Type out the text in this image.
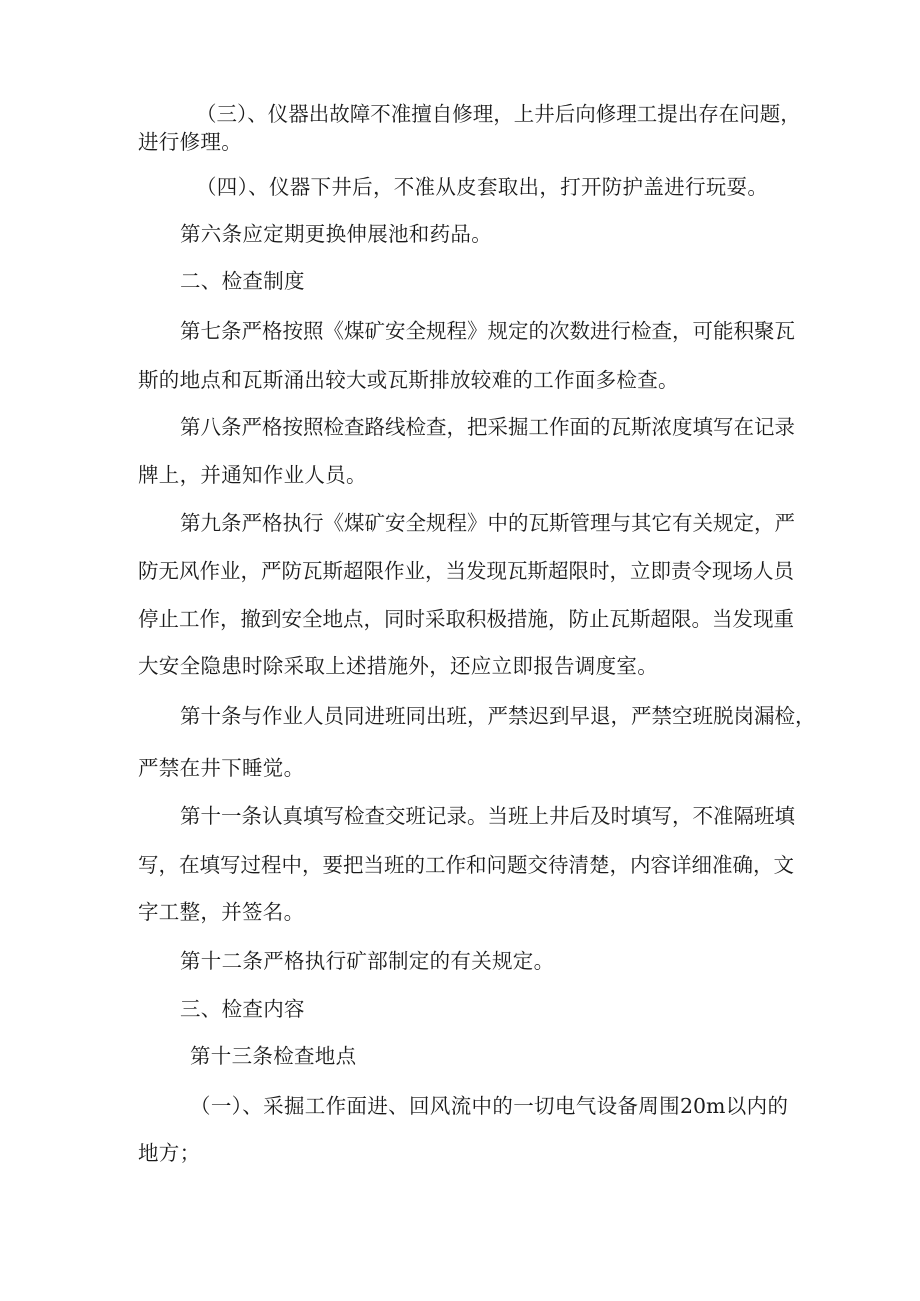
（三）、仪器出故障不准擅自修理，上井后向修理工提出存在问题，
进行修理。
（四）、仪器下井后，不准从皮套取出，打开防护盖进行玩耍。
第六条应定期更换伸展池和药品。
二、检查制度
第七条严格按照《煤矿安全规程》规定的次数进行检查，可能积聚瓦
斯的地点和瓦斯涌出较大或瓦斯排放较难的工作面多检查。
第八条严格按照检查路线检查，把采掘工作面的瓦斯浓度填写在记录
牌上，并通知作业人员。
第九条严格执行《煤矿安全规程》中的瓦斯管理与其它有关规定，严
防无风作业，严防瓦斯超限作业，当发现瓦斯超限时，立即责令现场人员
停止工作，撤到安全地点，同时采取积极措施，防止瓦斯超限。当发现重
大安全隐患时除采取上述措施外，还应立即报告调度室。
第十条与作业人员同进班同出班，严禁迟到早退，严禁空班脱岗漏检，
严禁在井下睡觉。
第十一条认真填写检查交班记录。当班上井后及时填写，不准隔班填
写，在填写过程中，要把当班的工作和问题交待清楚，内容详细准确，文
字工整，并签名。
第十二条严格执行矿部制定的有关规定。
三、检查内容
第十三条检查地点
（一）、采掘工作面进、回风流中的一切电气设备周围20m以内的
地方；
